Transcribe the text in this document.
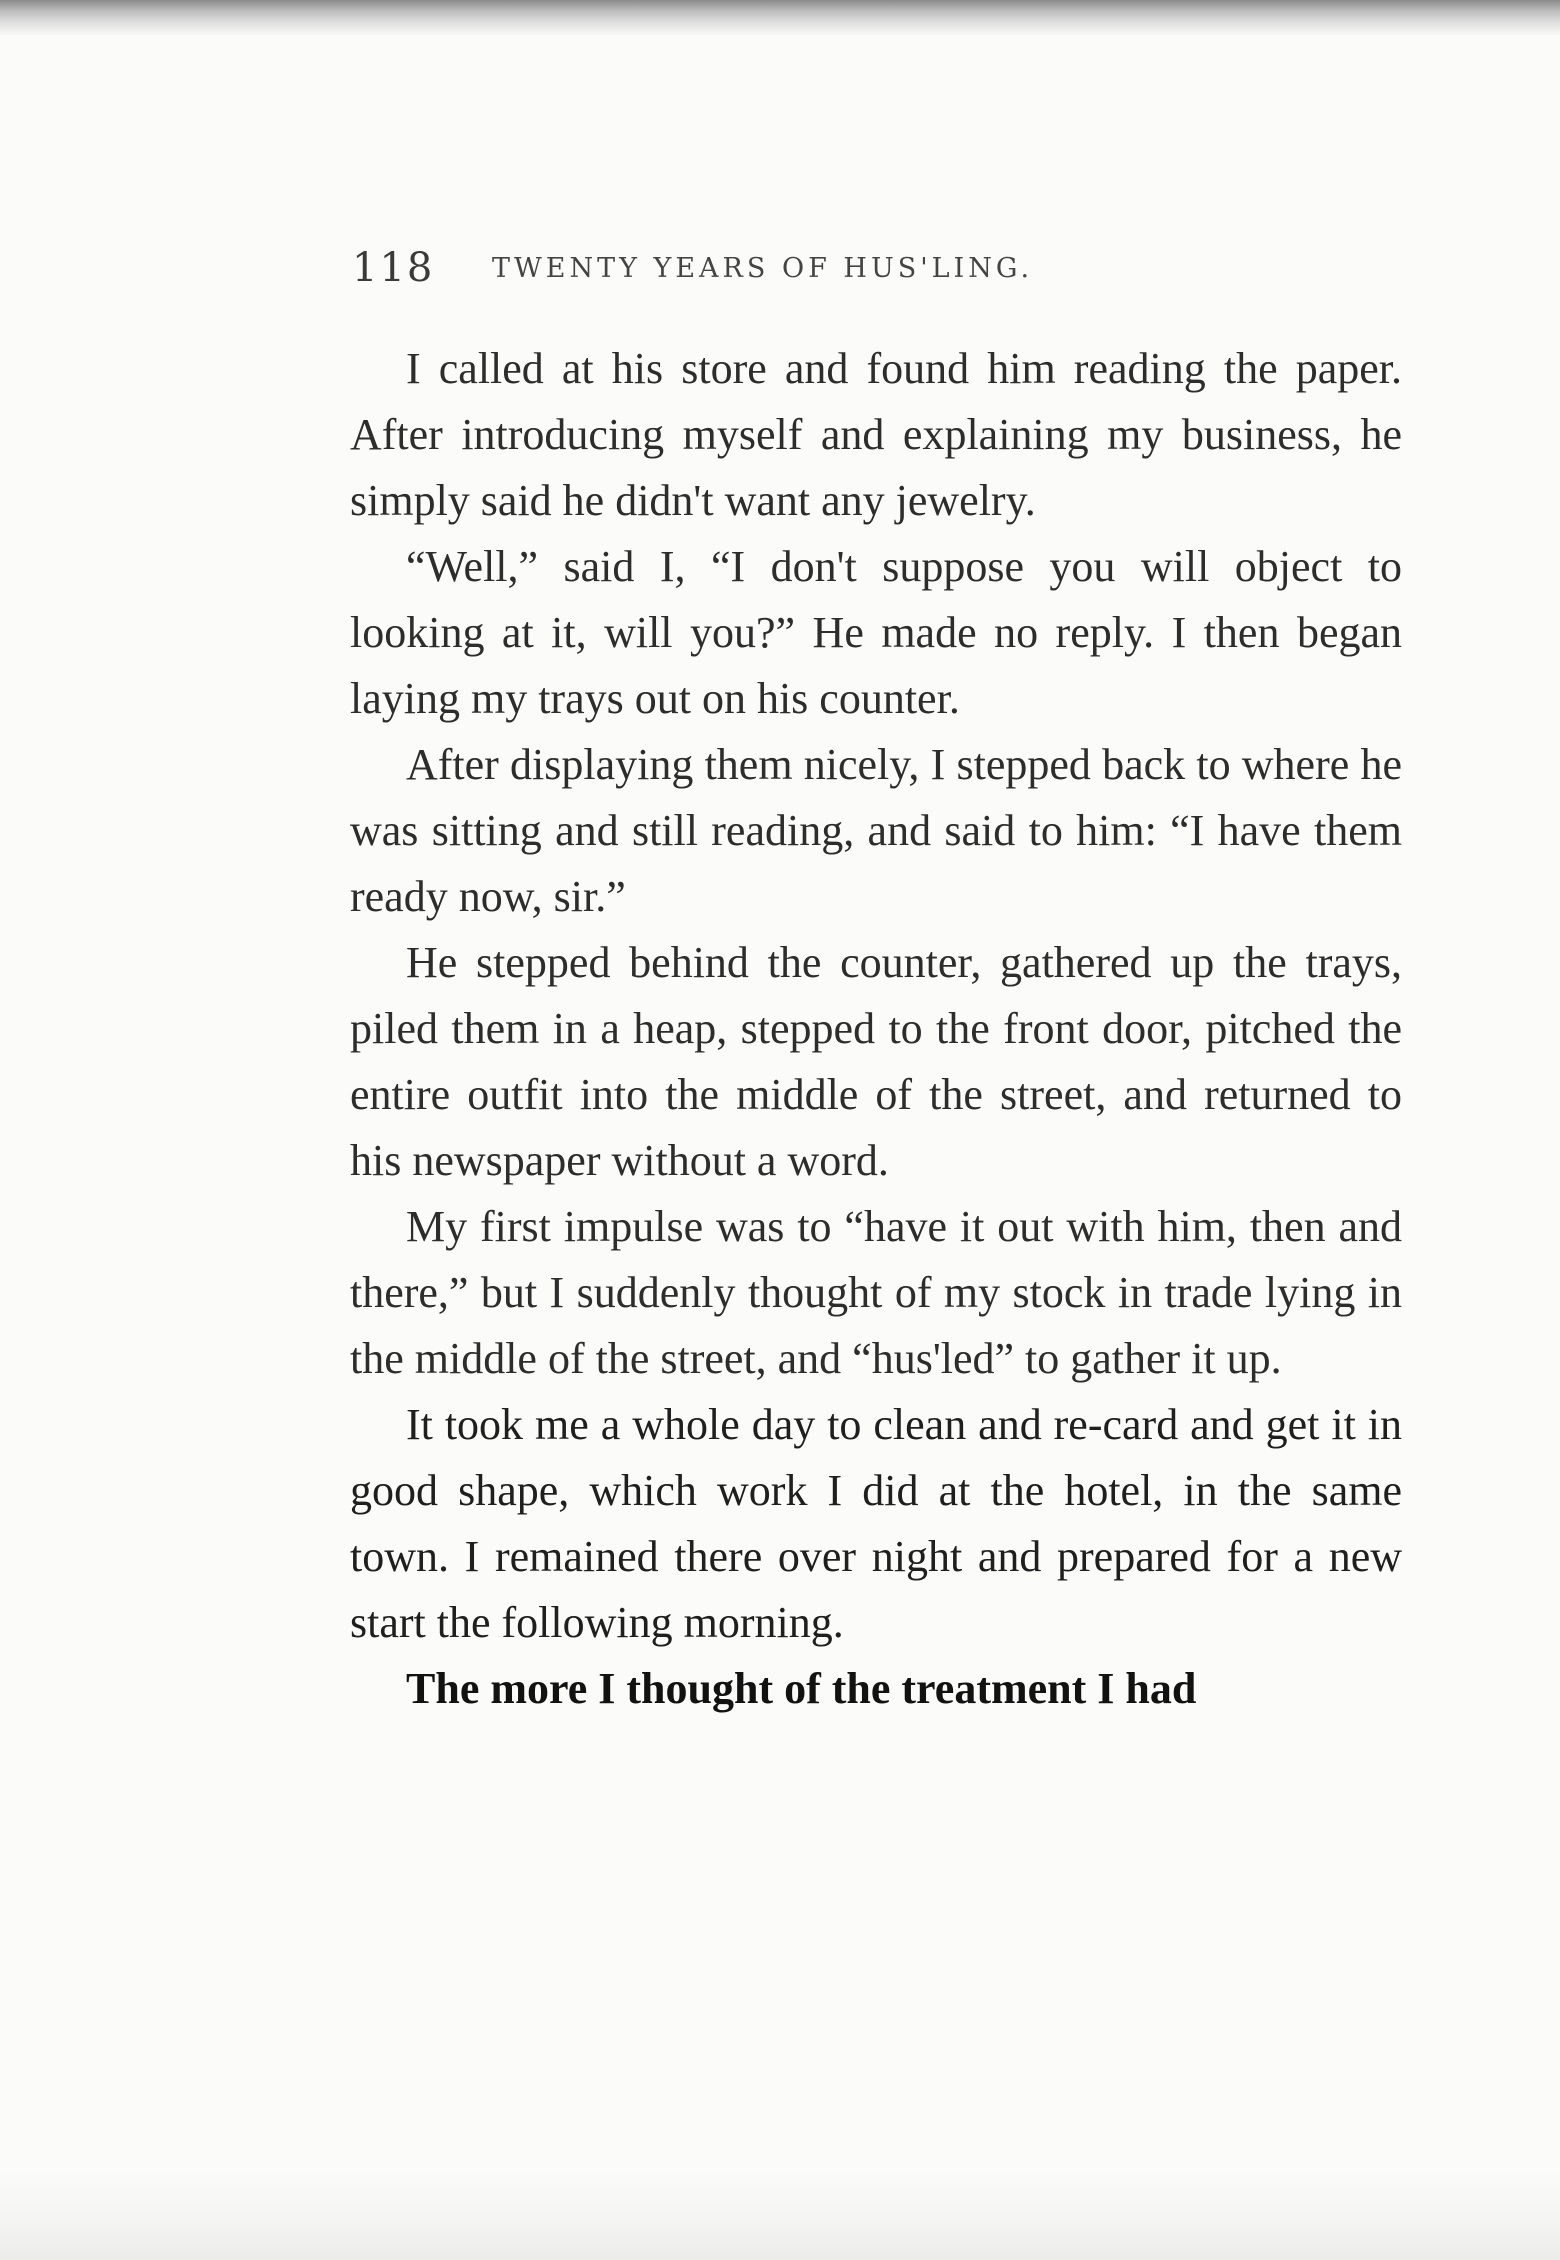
118 TWENTY YEARS OF HUS'LING.

I called at his store and found him reading the paper. After introducing myself and explaining my business, he simply said he didn't want any jewelry.

“Well,” said I, “I don't suppose you will object to looking at it, will you?” He made no reply. I then began laying my trays out on his counter.

After displaying them nicely, I stepped back to where he was sitting and still reading, and said to him: “I have them ready now, sir.”

He stepped behind the counter, gathered up the trays, piled them in a heap, stepped to the front door, pitched the entire outfit into the middle of the street, and returned to his newspaper without a word.

My first impulse was to “have it out with him, then and there,” but I suddenly thought of my stock in trade lying in the middle of the street, and “hus'led” to gather it up.

It took me a whole day to clean and re-card and get it in good shape, which work I did at the hotel, in the same town. I remained there over night and prepared for a new start the following morning.

The more I thought of the treatment I had
